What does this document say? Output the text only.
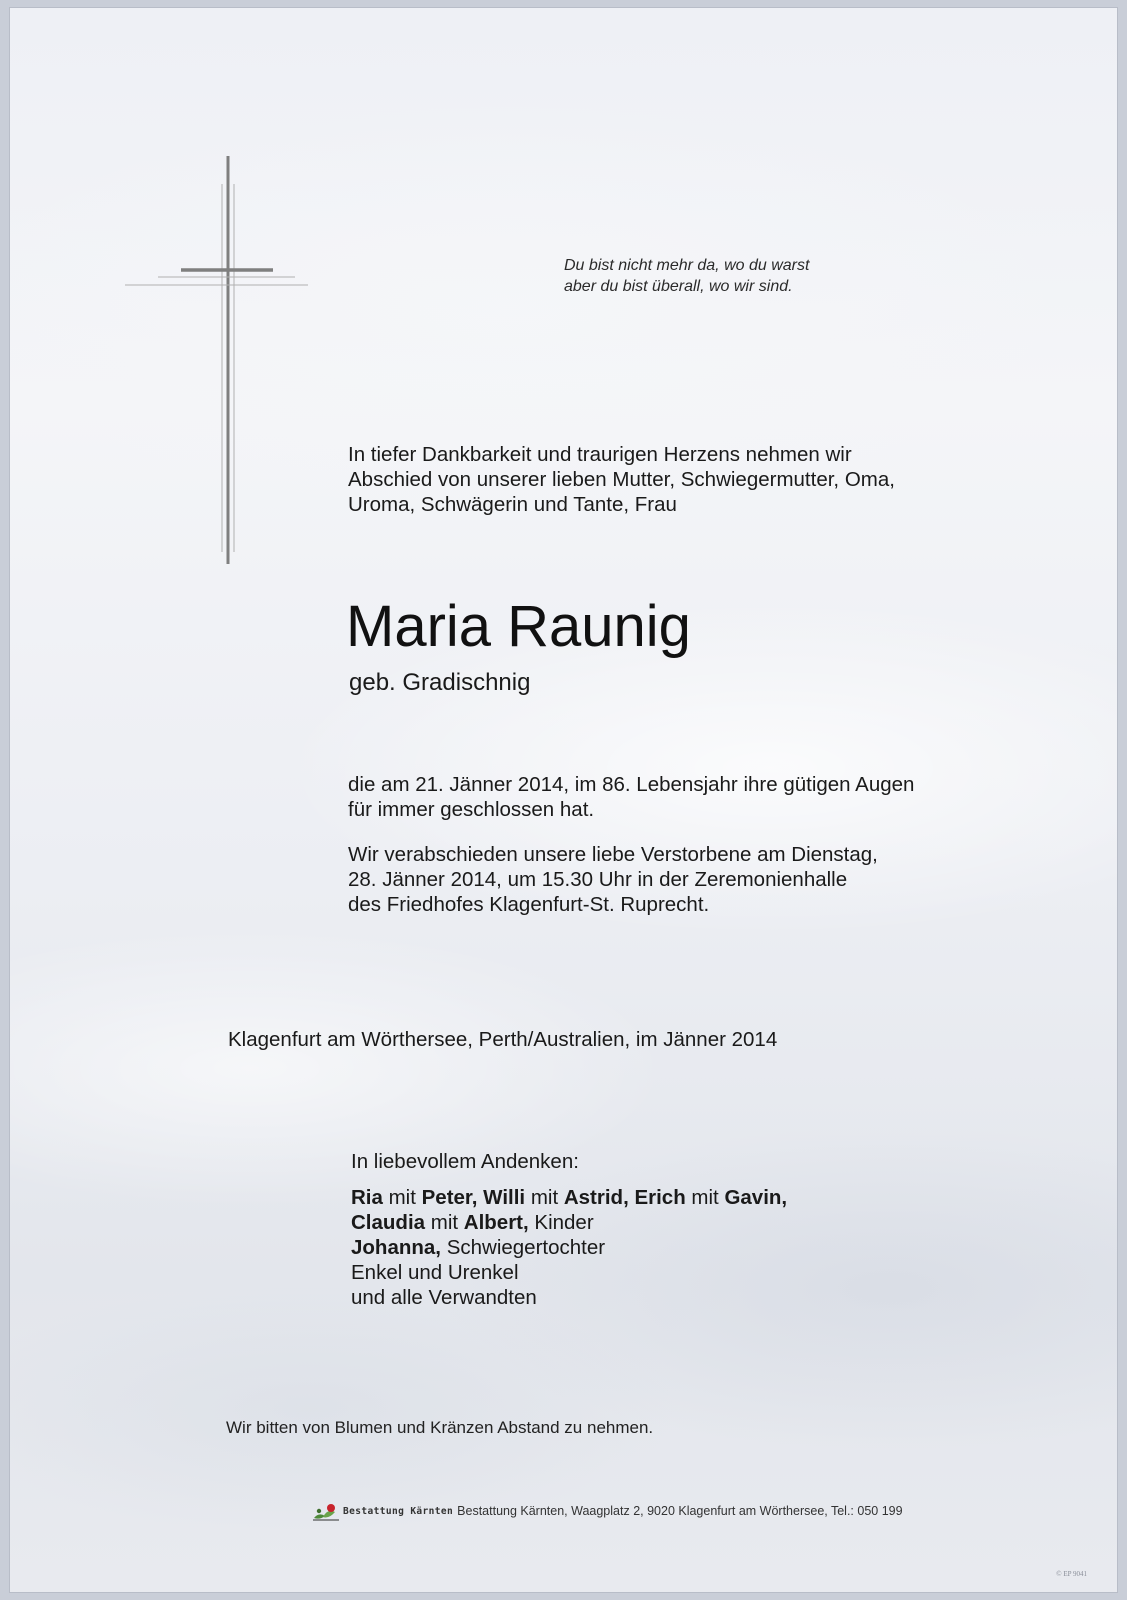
Du bist nicht mehr da, wo du warst
aber du bist überall, wo wir sind.
In tiefer Dankbarkeit und traurigen Herzens nehmen wir
Abschied von unserer lieben Mutter, Schwiegermutter, Oma,
Uroma, Schwägerin und Tante, Frau
Maria Raunig
geb. Gradischnig
die am 21. Jänner 2014, im 86. Lebensjahr ihre gütigen Augen
für immer geschlossen hat.
Wir verabschieden unsere liebe Verstorbene am Dienstag,
28. Jänner 2014, um 15.30 Uhr in der Zeremonienhalle
des Friedhofes Klagenfurt-St. Ruprecht.
Klagenfurt am Wörthersee, Perth/Australien, im Jänner 2014
In liebevollem Andenken:
Ria mit Peter, Willi mit Astrid, Erich mit Gavin,
Claudia mit Albert, Kinder
Johanna, Schwiegertochter
Enkel und Urenkel
und alle Verwandten
Wir bitten von Blumen und Kränzen Abstand zu nehmen.
Bestattung Kärnten Bestattung Kärnten, Waagplatz 2, 9020 Klagenfurt am Wörthersee, Tel.: 050 199
© EP 9041
